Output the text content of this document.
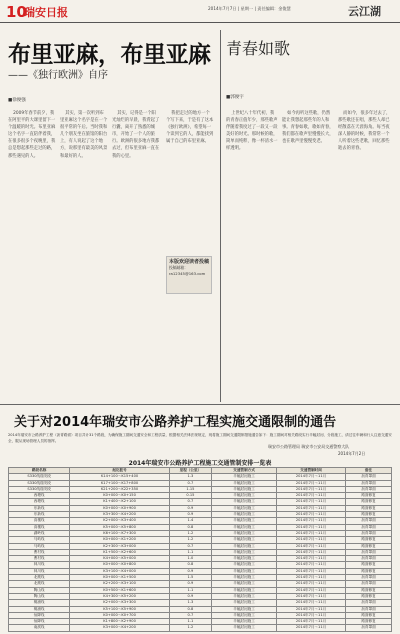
10
瑞安日报	2014年7月7日 | 星期一 | 责任编辑：金俊慧	云江湖
布里亚麻，布里亚麻
——《独行欧洲》自序
■徐俊强
2009年春节前夕，我在阿里平的大课里留下一个温暖的时光。布里亚麻这个名字一直陪伴着我，在很多很多个夜晚里，我总是想起那些走过的路，那些遇见的人。
其实，第一次听到布里亚麻这个名字是在一个很平常的午后。当时我和几个朋友坐在旅馆的阳台上，有人说起了这个地方，说那里有最美的风景和最好的人。
其实，记得是一个阳光灿烂的早晨，我背起了行囊，离开了熟悉的城市，开始了一个人的旅行。欧洲的很多地方我都去过，但布里亚麻一直在我的心里。
我把走过的地方一个个写下来，于是有了这本《独行欧洲》，希望每一个读到它的人，都能找到属于自己的布里亚麻。
本版欢迎读者投稿
投稿邮箱：
ra12345@163.com
青春如歌
■郭俊宇
上世纪八十年代初，我的青春正值年少，那些歌声伴随着我度过了一段又一段美好的时光。那时候的歌，简单而纯粹，像一杯清水一样透明。
如今再听这些歌，仍然能让我想起那些年的人和事。青春如歌，歌如青春，我们都在歌声里慢慢长大，也在歌声里慢慢变老。
而如今，很多年过去了，那些歌还在唱，那些人却已经散落在天涯海角。每当夜深人静的时候，我常常一个人听着这些老歌，回忆那些逝去的青春。
关于对2014年瑞安市公路养护工程实施交通限制的通告
2014年瑞安市公路养护工程（沥青路面）项目共计31个路段，为确保施工期间交通安全和工程质量，根据相关法律法规规定，现将施工期间交通限制措施通告如下：施工期间对相关路段实行半幅封闭、分段施工，请过往车辆和行人注意交通安全，服从现场管理人员的指挥。
瑞安市公路管理局 瑞安市公安局交通警察大队
2014年7月2日
2014年瑞安市公路养护工程施工交通管制安排一览表
路段名称	起讫桩号	里程（公里）	交通管制方式	交通管制时间	备注
S330线瑞安段	K14+100～K15+400	1.3	半幅封闭施工	2014年7月～11月	沥青罩面
S330线瑞安段	K17+100～K17+800	0.7	半幅封闭施工	2014年7月～11月	沥青罩面
S330线瑞安段	K21+200～K22+350	1.15	半幅封闭施工	2014年7月～11月	沥青罩面
西塘线	K0+000～K0+150	0.15	半幅封闭施工	2014年7月～11月	路面修复
西塘线	K1+400～K2+100	0.7	半幅封闭施工	2014年7月～11月	路面修复
东新线	K0+000～K0+900	0.9	半幅封闭施工	2014年7月～11月	路面修复
东新线	K3+300～K4+200	0.9	半幅封闭施工	2014年7月～11月	路面修复
高楼线	K2+000～K3+400	1.4	半幅封闭施工	2014年7月～11月	沥青罩面
高楼线	K5+000～K5+800	0.8	半幅封闭施工	2014年7月～11月	沥青罩面
湖岭线	K6+100～K7+300	1.2	半幅封闭施工	2014年7月～11月	沥青罩面
马屿线	K0+000～K1+200	1.2	半幅封闭施工	2014年7月～11月	路面修复
马屿线	K2+300～K3+000	0.7	半幅封闭施工	2014年7月～11月	路面修复
曹村线	K1+500～K2+600	1.1	半幅封闭施工	2014年7月～11月	沥青罩面
曹村线	K4+000～K5+000	1.0	半幅封闭施工	2014年7月～11月	沥青罩面
林川线	K0+000～K0+800	0.8	半幅封闭施工	2014年7月～11月	路面修复
林川线	K3+100～K4+000	0.9	半幅封闭施工	2014年7月～11月	路面修复
北麂线	K0+000～K1+500	1.5	半幅封闭施工	2014年7月～11月	沥青罩面
北麂线	K2+200～K3+100	0.9	半幅封闭施工	2014年7月～11月	沥青罩面
陶山线	K0+500～K1+600	1.1	半幅封闭施工	2014年7月～11月	路面修复
陶山线	K4+300～K5+200	0.9	半幅封闭施工	2014年7月～11月	路面修复
桐浦线	K2+000～K3+300	1.3	半幅封闭施工	2014年7月～11月	沥青罩面
桐浦线	K5+100～K5+900	0.8	半幅封闭施工	2014年7月～11月	沥青罩面
仙降线	K0+000～K0+700	0.7	半幅封闭施工	2014年7月～11月	路面修复
仙降线	K1+800～K2+900	1.1	半幅封闭施工	2014年7月～11月	路面修复
南滨线	K3+000～K4+200	1.2	半幅封闭施工	2014年7月～11月	沥青罩面
